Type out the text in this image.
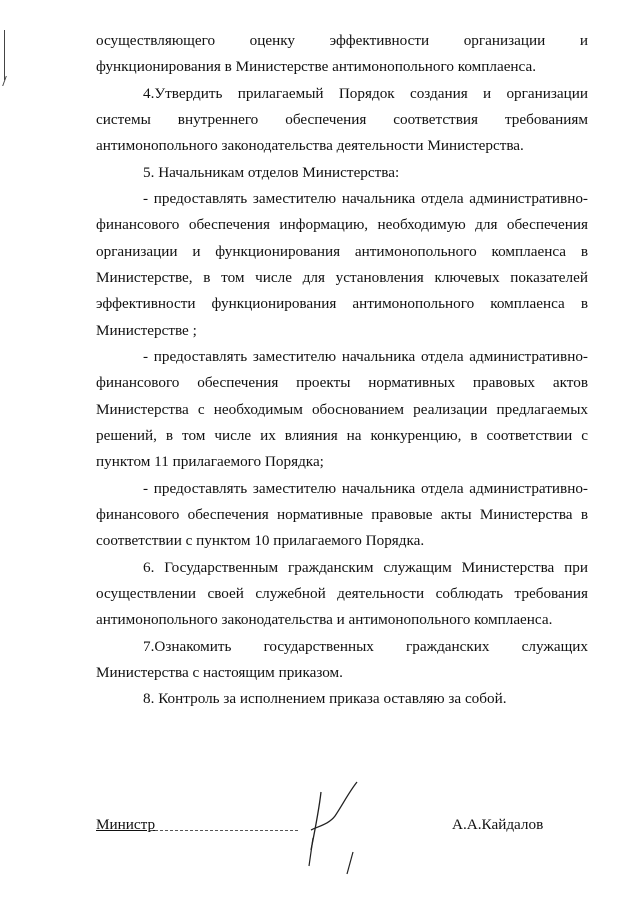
осуществляющего оценку эффективности организации и
функционирования в Министерстве антимонопольного комплаенса.
4.Утвердить прилагаемый Порядок создания и организации
системы внутреннего обеспечения соответствия требованиям
антимонопольного законодательства деятельности Министерства.
5. Начальникам отделов Министерства:
- предоставлять заместителю начальника отдела административно-
финансового обеспечения информацию, необходимую для обеспечения
организации и функционирования антимонопольного комплаенса в
Министерстве, в том числе для установления ключевых показателей
эффективности функционирования антимонопольного комплаенса в
Министерстве ;
- предоставлять заместителю начальника отдела административно-
финансового обеспечения проекты нормативных правовых актов
Министерства с необходимым обоснованием реализации предлагаемых
решений, в том числе их влияния на конкуренцию, в соответствии с
пунктом 11 прилагаемого Порядка;
- предоставлять заместителю начальника отдела административно-
финансового обеспечения нормативные правовые акты Министерства в
соответствии с пунктом 10 прилагаемого Порядка.
6. Государственным гражданским служащим Министерства при
осуществлении своей служебной деятельности соблюдать требования
антимонопольного законодательства и антимонопольного комплаенса.
7.Ознакомить государственных гражданских служащих
Министерства с настоящим приказом.
8. Контроль за исполнением приказа оставляю за собой.
Министр	А.А.Кайдалов
